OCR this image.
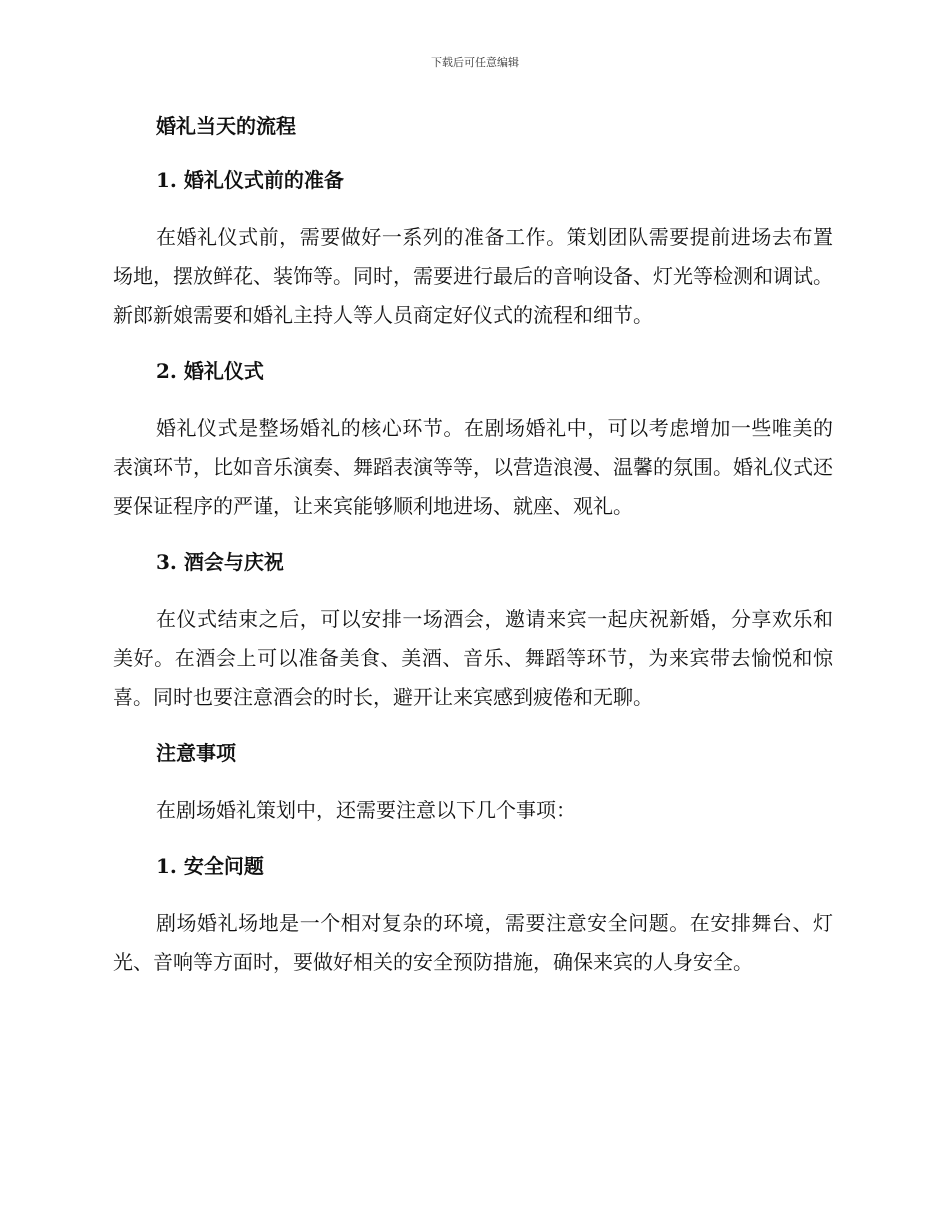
下载后可任意编辑
婚礼当天的流程
1. 婚礼仪式前的准备

在婚礼仪式前，需要做好一系列的准备工作。策划团队需要提前进场去布置场地，摆放鲜花、装饰等。同时，需要进行最后的音响设备、灯光等检测和调试。新郎新娘需要和婚礼主持人等人员商定好仪式的流程和细节。

2. 婚礼仪式

婚礼仪式是整场婚礼的核心环节。在剧场婚礼中，可以考虑增加一些唯美的表演环节，比如音乐演奏、舞蹈表演等等，以营造浪漫、温馨的氛围。婚礼仪式还要保证程序的严谨，让来宾能够顺利地进场、就座、观礼。

3. 酒会与庆祝

在仪式结束之后，可以安排一场酒会，邀请来宾一起庆祝新婚，分享欢乐和美好。在酒会上可以准备美食、美酒、音乐、舞蹈等环节，为来宾带去愉悦和惊喜。同时也要注意酒会的时长，避开让来宾感到疲倦和无聊。

注意事项

在剧场婚礼策划中，还需要注意以下几个事项：

1. 安全问题

剧场婚礼场地是一个相对复杂的环境，需要注意安全问题。在安排舞台、灯光、音响等方面时，要做好相关的安全预防措施，确保来宾的人身安全。
